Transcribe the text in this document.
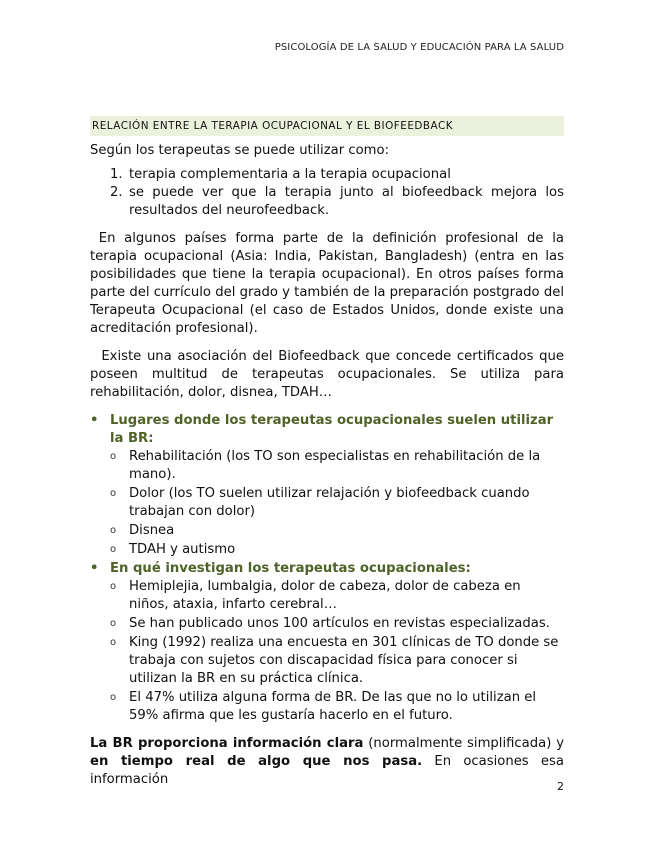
PSICOLOGÍA DE LA SALUD Y EDUCACIÓN PARA LA SALUD
RELACIÓN ENTRE LA TERAPIA OCUPACIONAL Y EL BIOFEEDBACK

Según los terapeutas se puede utilizar como:

1. terapia complementaria a la terapia ocupacional
2. se puede ver que la terapia junto al biofeedback mejora los resultados del neurofeedback.

En algunos países forma parte de la definición profesional de la terapia ocupacional (Asia: India, Pakistan, Bangladesh) (entra en las posibilidades que tiene la terapia ocupacional). En otros países forma parte del currículo del grado y también de la preparación postgrado del Terapeuta Ocupacional (el caso de Estados Unidos, donde existe una acreditación profesional).

Existe una asociación del Biofeedback que concede certificados que poseen multitud de terapeutas ocupacionales. Se utiliza para rehabilitación, dolor, disnea, TDAH…

• Lugares donde los terapeutas ocupacionales suelen utilizar la BR:
o Rehabilitación (los TO son especialistas en rehabilitación de la mano).
o Dolor (los TO suelen utilizar relajación y biofeedback cuando trabajan con dolor)
o Disnea
o TDAH y autismo
• En qué investigan los terapeutas ocupacionales:
o Hemiplejia, lumbalgia, dolor de cabeza, dolor de cabeza en niños, ataxia, infarto cerebral…
o Se han publicado unos 100 artículos en revistas especializadas.
o King (1992) realiza una encuesta en 301 clínicas de TO donde se trabaja con sujetos con discapacidad física para conocer si utilizan la BR en su práctica clínica.
o El 47% utiliza alguna forma de BR. De las que no lo utilizan el 59% afirma que les gustaría hacerlo en el futuro.

La BR proporciona información clara (normalmente simplificada) y en tiempo real de algo que nos pasa. En ocasiones esa información	2
